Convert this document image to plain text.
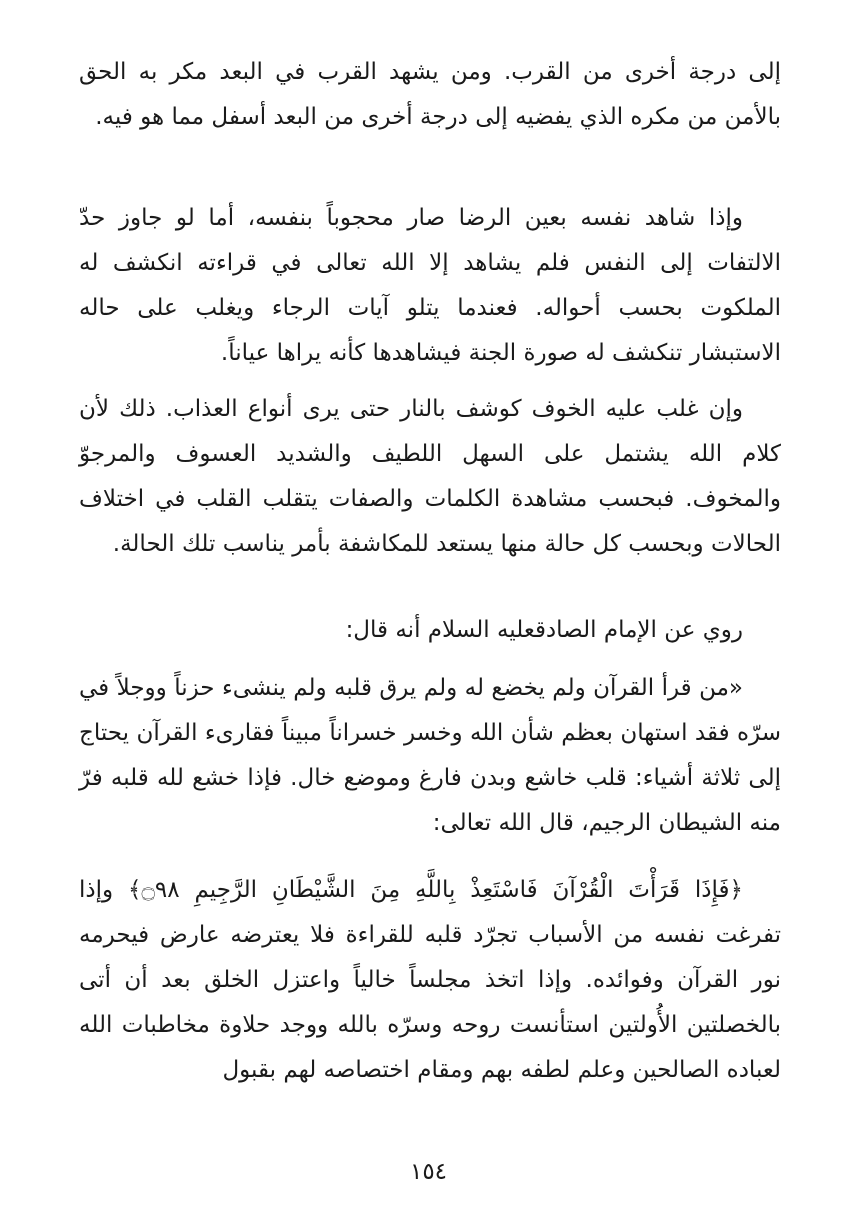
إلى درجة أخرى من القرب. ومن يشهد القرب في البعد مكر به الحق بالأمن من مكره الذي يفضيه إلى درجة أخرى من البعد أسفل مما هو فيه.

وإذا شاهد نفسه بعين الرضا صار محجوباً بنفسه، أما لو جاوز حدّ الالتفات إلى النفس فلم يشاهد إلا الله تعالى في قراءته انكشف له الملكوت بحسب أحواله. فعندما يتلو آيات الرجاء ويغلب على حاله الاستبشار تنكشف له صورة الجنة فيشاهدها كأنه يراها عياناً.

وإن غلب عليه الخوف كوشف بالنار حتى يرى أنواع العذاب. ذلك لأن كلام الله يشتمل على السهل اللطيف والشديد العسوف والمرجوّ والمخوف. فبحسب مشاهدة الكلمات والصفات يتقلب القلب في اختلاف الحالات وبحسب كل حالة منها يستعد للمكاشفة بأمر يناسب تلك الحالة.

روي عن الإمام الصادقعليه السلام أنه قال:

«من قرأ القرآن ولم يخضع له ولم يرق قلبه ولم ينشىء حزناً ووجلاً في سرّه فقد استهان بعظم شأن الله وخسر خسراناً مبيناً فقارىء القرآن يحتاج إلى ثلاثة أشياء: قلب خاشع وبدن فارغ وموضع خال. فإذا خشع لله قلبه فرّ منه الشيطان الرجيم، قال الله تعالى:

﴿فَإِذَا قَرَأْتَ الْقُرْآنَ فَاسْتَعِذْ بِاللَّهِ مِنَ الشَّيْطَانِ الرَّجِيمِ ۝٩٨﴾ وإذا تفرغت نفسه من الأسباب تجرّد قلبه للقراءة فلا يعترضه عارض فيحرمه نور القرآن وفوائده. وإذا اتخذ مجلساً خالياً واعتزل الخلق بعد أن أتى بالخصلتين الأُولتين استأنست روحه وسرّه بالله ووجد حلاوة مخاطبات الله لعباده الصالحين وعلم لطفه بهم ومقام اختصاصه لهم بقبول

١٥٤
